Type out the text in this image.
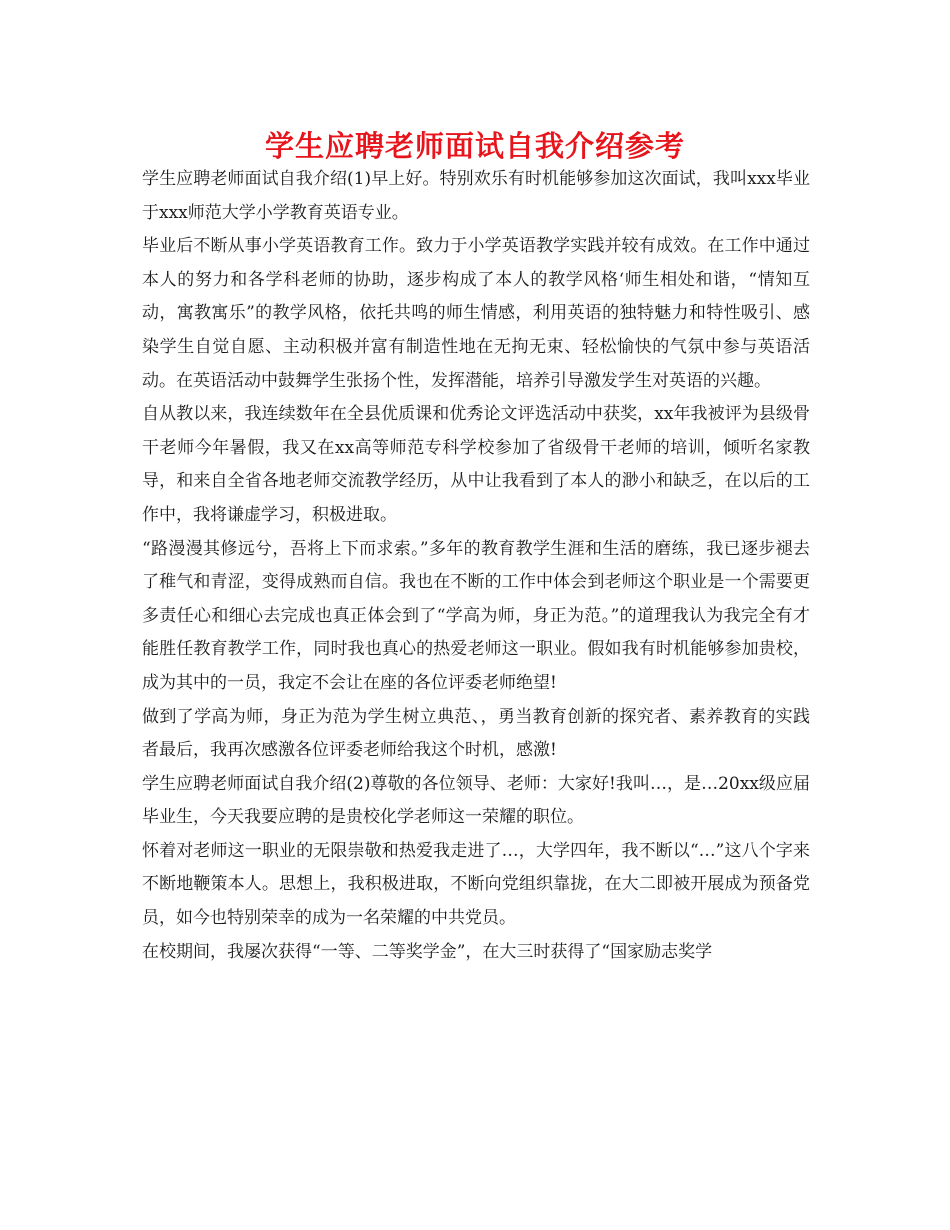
学生应聘老师面试自我介绍参考

学生应聘老师面试自我介绍(1)早上好。特别欢乐有时机能够参加这次面试，我叫xxx毕业于xxx师范大学小学教育英语专业。

毕业后不断从事小学英语教育工作。致力于小学英语教学实践并较有成效。在工作中通过本人的努力和各学科老师的协助，逐步构成了本人的教学风格‘师生相处和谐，“情知互动，寓教寓乐”的教学风格，依托共鸣的师生情感，利用英语的独特魅力和特性吸引、感染学生自觉自愿、主动积极并富有制造性地在无拘无束、轻松愉快的气氛中参与英语活动。在英语活动中鼓舞学生张扬个性，发挥潜能，培养引导激发学生对英语的兴趣。

自从教以来，我连续数年在全县优质课和优秀论文评选活动中获奖，xx年我被评为县级骨干老师今年暑假，我又在xx高等师范专科学校参加了省级骨干老师的培训，倾听名家教导，和来自全省各地老师交流教学经历，从中让我看到了本人的渺小和缺乏，在以后的工作中，我将谦虚学习，积极进取。

“路漫漫其修远兮，吾将上下而求索。”多年的教育教学生涯和生活的磨练，我已逐步褪去了稚气和青涩，变得成熟而自信。我也在不断的工作中体会到老师这个职业是一个需要更多责任心和细心去完成也真正体会到了“学高为师，身正为范。”的道理我认为我完全有才能胜任教育教学工作，同时我也真心的热爱老师这一职业。假如我有时机能够参加贵校，成为其中的一员，我定不会让在座的各位评委老师绝望!

做到了学高为师，身正为范为学生树立典范、，勇当教育创新的探究者、素养教育的实践者最后，我再次感激各位评委老师给我这个时机，感激!

学生应聘老师面试自我介绍(2)尊敬的各位领导、老师：大家好!我叫…，是…20xx级应届毕业生，今天我要应聘的是贵校化学老师这一荣耀的职位。

怀着对老师这一职业的无限崇敬和热爱我走进了…，大学四年，我不断以“…”这八个字来不断地鞭策本人。思想上，我积极进取，不断向党组织靠拢，在大二即被开展成为预备党员，如今也特别荣幸的成为一名荣耀的中共党员。

在校期间，我屡次获得“一等、二等奖学金”，在大三时获得了“国家励志奖学
